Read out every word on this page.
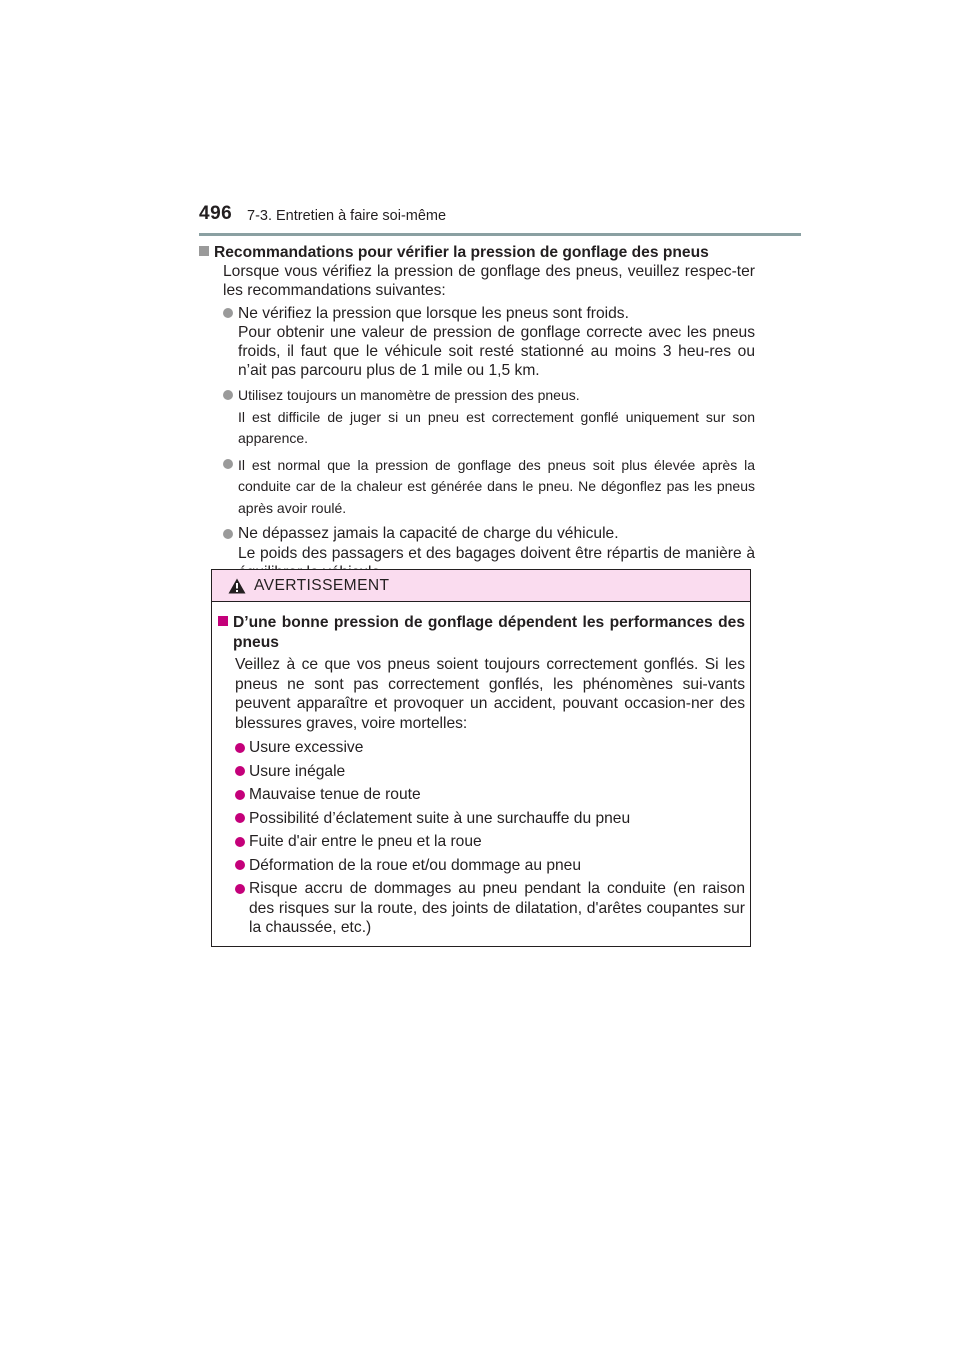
496 7-3. Entretien à faire soi-même
Recommandations pour vérifier la pression de gonflage des pneus
Lorsque vous vérifiez la pression de gonflage des pneus, veuillez respec-ter les recommandations suivantes:
Ne vérifiez la pression que lorsque les pneus sont froids.
Pour obtenir une valeur de pression de gonflage correcte avec les pneus froids, il faut que le véhicule soit resté stationné au moins 3 heu-res ou n’ait pas parcouru plus de 1 mile ou 1,5 km.
Utilisez toujours un manomètre de pression des pneus.
Il est difficile de juger si un pneu est correctement gonflé uniquement sur son apparence.
Il est normal que la pression de gonflage des pneus soit plus élevée après la conduite car de la chaleur est générée dans le pneu. Ne dégonflez pas les pneus après avoir roulé.
Ne dépassez jamais la capacité de charge du véhicule.
Le poids des passagers et des bagages doivent être répartis de manière à
AVERTISSEMENT
D’une bonne pression de gonflage dépendent les performances des pneus
Veillez à ce que vos pneus soient toujours correctement gonflés. Si les pneus ne sont pas correctement gonflés, les phénomènes sui-vants peuvent apparaître et provoquer un accident, pouvant occasion-ner des blessures graves, voire mortelles:
Usure excessive
Usure inégale
Mauvaise tenue de route
Possibilité d’éclatement suite à une surchauffe du pneu
Fuite d'air entre le pneu et la roue
Déformation de la roue et/ou dommage au pneu
Risque accru de dommages au pneu pendant la conduite (en raison des risques sur la route, des joints de dilatation, d'arêtes coupantes sur la chaussée, etc.)
